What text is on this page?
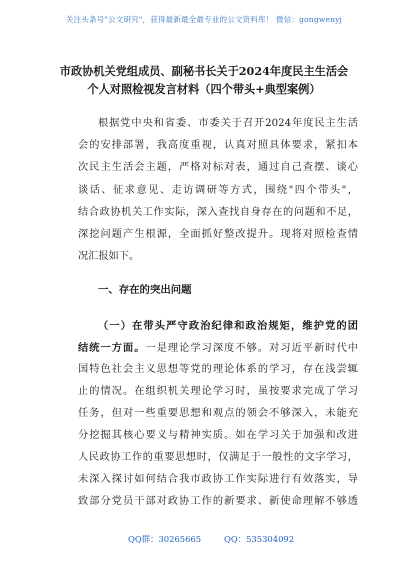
关注头条号"公文研究"，获得最新最全最专业的公文资料库！ 微信：gongwenyj
市政协机关党组成员、副秘书长关于2024年度民主生活会
个人对照检视发言材料（四个带头+典型案例）
根据党中央和省委、市委关于召开2024年度民主生活
会的安排部署，我高度重视，认真对照具体要求，紧扣本
次民主生活会主题，严格对标对表，通过自己查摆、谈心
谈话、征求意见、走访调研等方式，围绕"四个带头"，
结合政协机关工作实际，深入查找自身存在的问题和不足，
深挖问题产生根源，全面抓好整改提升。现将对照检查情
况汇报如下。
一、存在的突出问题
（一）在带头严守政治纪律和政治规矩，维护党的团
结统一方面。一是理论学习深度不够。对习近平新时代中
国特色社会主义思想等党的理论体系的学习，存在浅尝辄
止的情况。在组织机关理论学习时，虽按要求完成了学习
任务，但对一些重要思想和观点的领会不够深入，未能充
分挖掘其核心要义与精神实质。如在学习关于加强和改进
人民政协工作的重要思想时，仅满足于一般性的文字学习，
未深入探讨如何结合我市政协工作实际进行有效落实，导
致部分党员干部对政协工作的新要求、新使命理解不够透
QQ群：30265665	QQ：535304092
